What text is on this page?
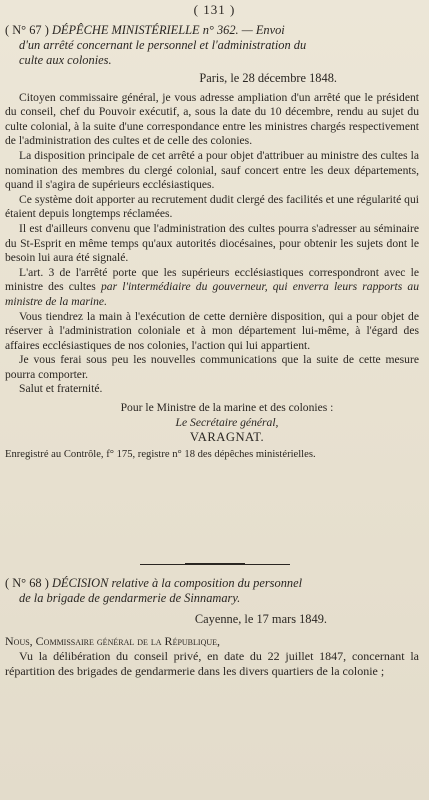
( 131 )
( N° 67 ) DÉPÊCHE MINISTÉRIELLE n° 362. — Envoi
d'un arrêté concernant le personnel et l'administration du
culte aux colonies.
Paris, le 28 décembre 1848.

Citoyen commissaire général, je vous adresse ampliation d'un arrêté que le président du conseil, chef du Pouvoir exécutif, a, sous la date du 10 décembre, rendu au sujet du culte colonial, à la suite d'une correspondance entre les ministres chargés respectivement de l'administration des cultes et de celle des colonies.

La disposition principale de cet arrêté a pour objet d'attribuer au ministre des cultes la nomination des membres du clergé colonial, sauf concert entre les deux départements, quand il s'agira de supérieurs ecclésiastiques.

Ce système doit apporter au recrutement dudit clergé des facilités et une régularité qui étaient depuis longtemps réclamées.

Il est d'ailleurs convenu que l'administration des cultes pourra s'adresser au séminaire du St-Esprit en même temps qu'aux autorités diocésaines, pour obtenir les sujets dont le besoin lui aura été signalé.

L'art. 3 de l'arrêté porte que les supérieurs ecclésiastiques correspondront avec le ministre des cultes par l'intermédiaire du gouverneur, qui enverra leurs rapports au ministre de la marine.

Vous tiendrez la main à l'exécution de cette dernière disposition, qui a pour objet de réserver à l'administration coloniale et à mon département lui-même, à l'égard des affaires ecclésiastiques de nos colonies, l'action qui lui appartient.

Je vous ferai sous peu les nouvelles communications que la suite de cette mesure pourra comporter.

Salut et fraternité.

Pour le Ministre de la marine et des colonies :
Le Secrétaire général,
VARAGNAT.
Enregistré au Contrôle, f° 175, registre n° 18 des dépêches ministérielles.
( N° 68 ) DÉCISION relative à la composition du personnel
de la brigade de gendarmerie de Sinnamary.
Cayenne, le 17 mars 1849.

Nous, Commissaire général de la République,

Vu la délibération du conseil privé, en date du 22 juillet 1847, concernant la répartition des brigades de gendarmerie dans les divers quartiers de la colonie ;
